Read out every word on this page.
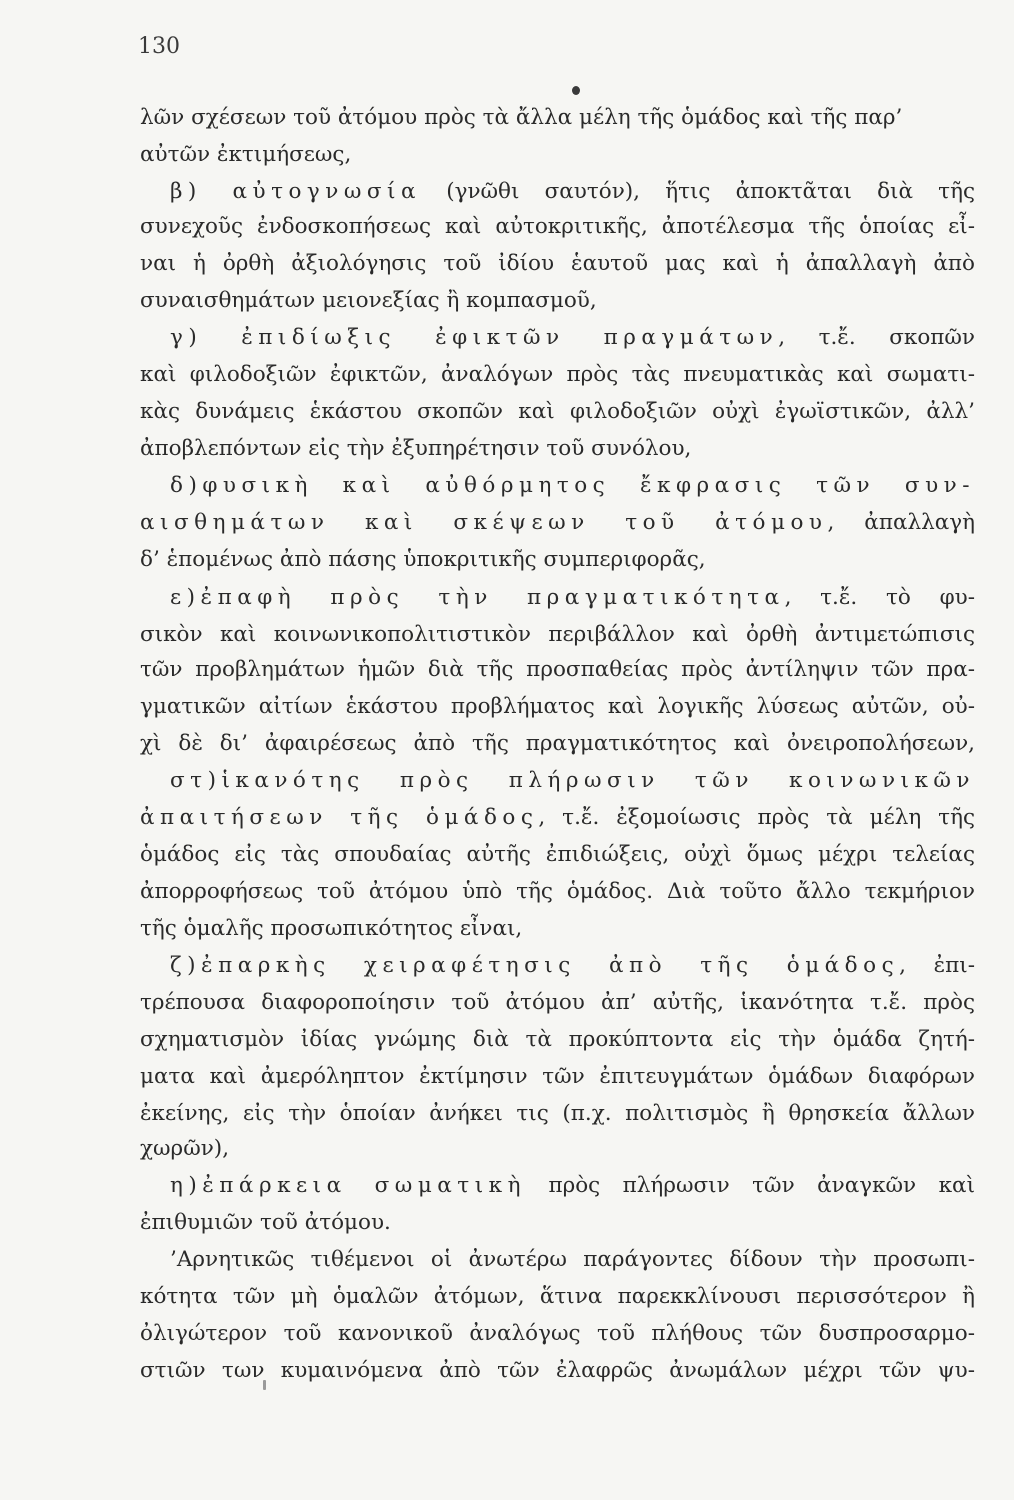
130
λῶν σχέσεων τοῦ ἀτόμου πρὸς τὰ ἄλλα μέλη τῆς ὁμάδος καὶ τῆς παρ’
αὐτῶν ἐκτιμήσεως,
β) αὐτογνωσία (γνῶθι σαυτόν), ἥτις ἀποκτᾶται διὰ τῆς
συνεχοῦς ἐνδοσκοπήσεως καὶ αὐτοκριτικῆς, ἀποτέλεσμα τῆς ὁποίας εἶ-
ναι ἡ ὀρθὴ ἀξιολόγησις τοῦ ἰδίου ἑαυτοῦ μας καὶ ἡ ἀπαλλαγὴ ἀπὸ
συναισθημάτων μειονεξίας ἢ κομπασμοῦ,
γ) ἐπιδίωξις ἐφικτῶν πραγμάτων, τ.ἔ. σκοπῶν
καὶ φιλοδοξιῶν ἐφικτῶν, ἀναλόγων πρὸς τὰς πνευματικὰς καὶ σωματι-
κὰς δυνάμεις ἑκάστου σκοπῶν καὶ φιλοδοξιῶν οὐχὶ ἐγωϊστικῶν, ἀλλ’
ἀποβλεπόντων εἰς τὴν ἐξυπηρέτησιν τοῦ συνόλου,
δ)φυσικὴ καὶ αὐθόρμητος ἔκφρασις τῶν συν-
αισθημάτων καὶ σκέψεων τοῦ ἀτόμου, ἀπαλλαγὴ
δ’ ἑπομένως ἀπὸ πάσης ὑποκριτικῆς συμπεριφορᾶς,
ε)ἐπαφὴ πρὸς τὴν πραγματικότητα, τ.ἔ. τὸ φυ-
σικὸν καὶ κοινωνικοπολιτιστικὸν περιβάλλον καὶ ὀρθὴ ἀντιμετώπισις
τῶν προβλημάτων ἡμῶν διὰ τῆς προσπαθείας πρὸς ἀντίληψιν τῶν πρα-
γματικῶν αἰτίων ἑκάστου προβλήματος καὶ λογικῆς λύσεως αὐτῶν, οὐ-
χὶ δὲ δι’ ἀφαιρέσεως ἀπὸ τῆς πραγματικότητος καὶ ὀνειροπολήσεων,
στ)ἱκανότης πρὸς πλήρωσιν τῶν κοινωνικῶν
ἀπαιτήσεων τῆς ὁμάδος, τ.ἔ. ἐξομοίωσις πρὸς τὰ μέλη τῆς
ὁμάδος εἰς τὰς σπουδαίας αὐτῆς ἐπιδιώξεις, οὐχὶ ὅμως μέχρι τελείας
ἀπορροφήσεως τοῦ ἀτόμου ὑπὸ τῆς ὁμάδος. Διὰ τοῦτο ἄλλο τεκμήριον
τῆς ὁμαλῆς προσωπικότητος εἶναι,
ζ)ἐπαρκὴς χειραφέτησις ἀπὸ τῆς ὁμάδος, ἐπι-
τρέπουσα διαφοροποίησιν τοῦ ἀτόμου ἀπ’ αὐτῆς, ἱκανότητα τ.ἔ. πρὸς
σχηματισμὸν ἰδίας γνώμης διὰ τὰ προκύπτοντα εἰς τὴν ὁμάδα ζητή-
ματα καὶ ἀμερόληπτον ἐκτίμησιν τῶν ἐπιτευγμάτων ὁμάδων διαφόρων
ἐκείνης, εἰς τὴν ὁποίαν ἀνήκει τις (π.χ. πολιτισμὸς ἢ θρησκεία ἄλλων
χωρῶν),
η)ἐπάρκεια σωματικὴ πρὸς πλήρωσιν τῶν ἀναγκῶν καὶ
ἐπιθυμιῶν τοῦ ἀτόμου.
’Αρνητικῶς τιθέμενοι οἱ ἀνωτέρω παράγοντες δίδουν τὴν προσωπι-
κότητα τῶν μὴ ὁμαλῶν ἀτόμων, ἅτινα παρεκκλίνουσι περισσότερον ἢ
ὀλιγώτερον τοῦ κανονικοῦ ἀναλόγως τοῦ πλήθους τῶν δυσπροσαρμο-
στιῶν των κυμαινόμενα ἀπὸ τῶν ἐλαφρῶς ἀνωμάλων μέχρι τῶν ψυ-
